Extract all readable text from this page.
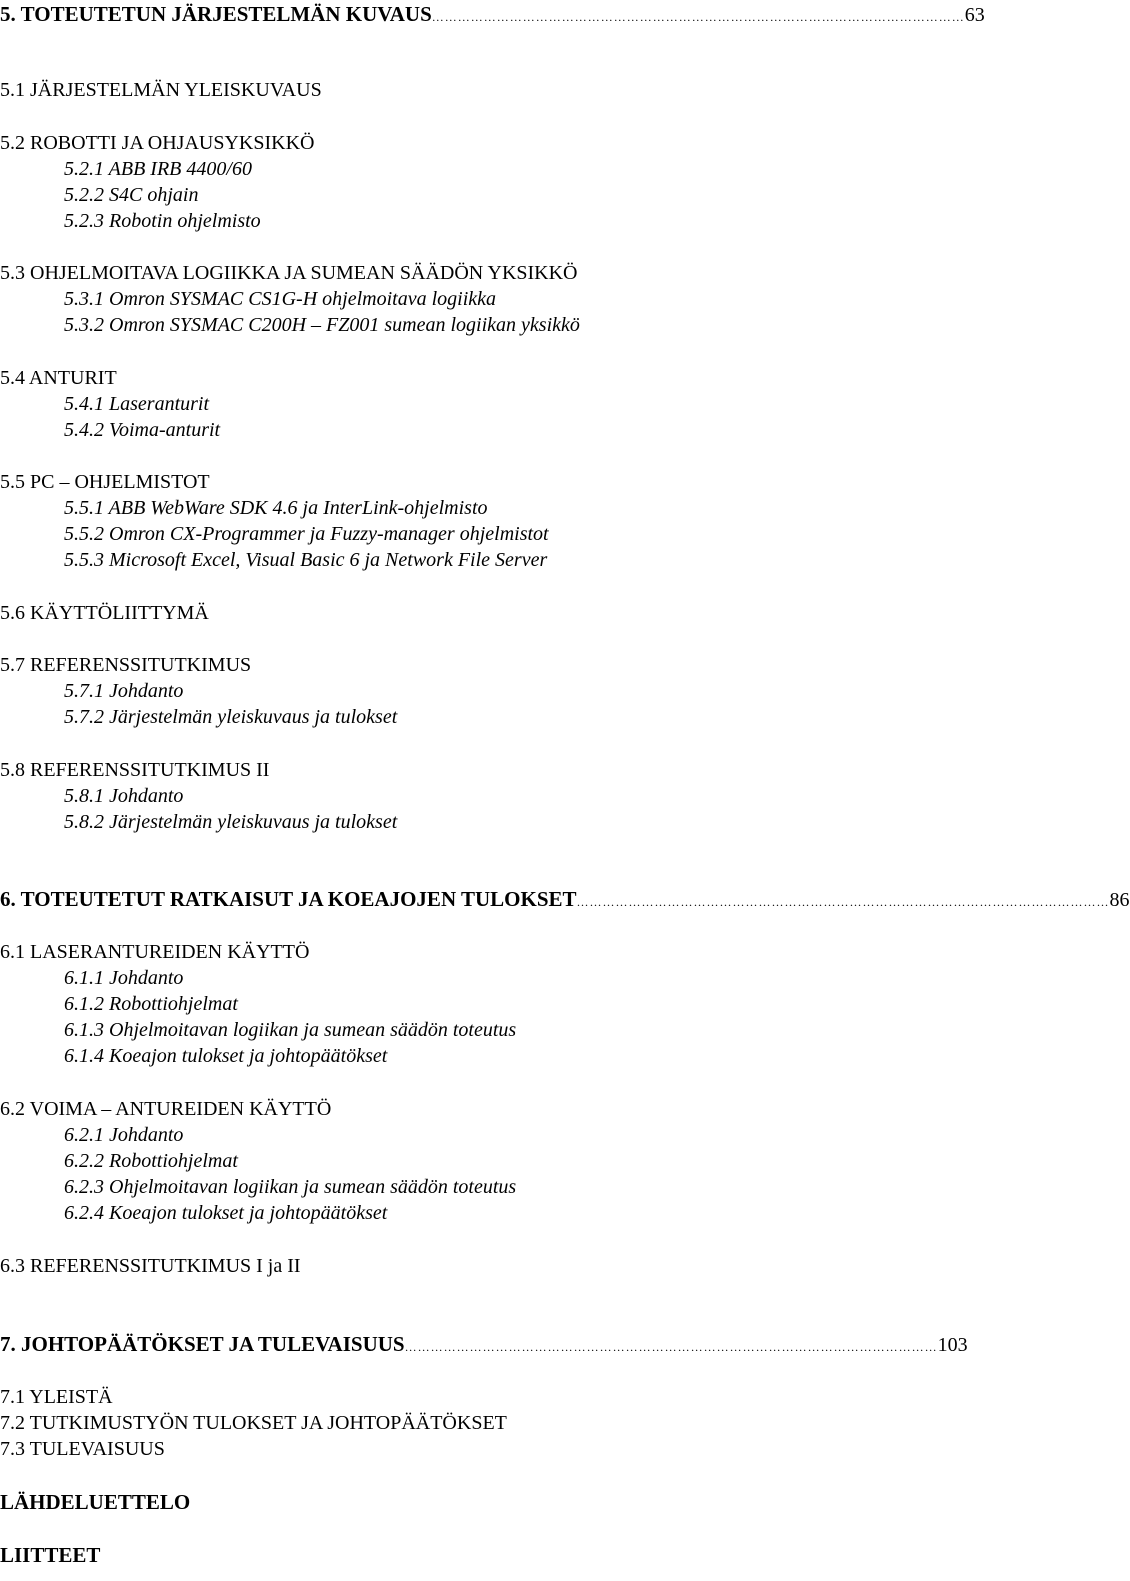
5. TOTEUTETUN JÄRJESTELMÄN KUVAUS …………………………………………………………………………………………………………… 63
5.1 JÄRJESTELMÄN YLEISKUVAUS
5.2 ROBOTTI JA OHJAUSYKSIKKÖ
5.2.1 ABB IRB 4400/60
5.2.2 S4C ohjain
5.2.3 Robotin ohjelmisto
5.3 OHJELMOITAVA LOGIIKKA JA SUMEAN SÄÄDÖN YKSIKKÖ
5.3.1 Omron SYSMAC CS1G-H ohjelmoitava logiikka
5.3.2 Omron SYSMAC C200H – FZ001 sumean logiikan yksikkö
5.4 ANTURIT
5.4.1 Laseranturit
5.4.2 Voima-anturit
5.5 PC – OHJELMISTOT
5.5.1 ABB WebWare SDK 4.6 ja InterLink-ohjelmisto
5.5.2 Omron CX-Programmer ja Fuzzy-manager ohjelmistot
5.5.3 Microsoft Excel, Visual Basic 6 ja Network File Server
5.6 KÄYTTÖLIITTYMÄ
5.7 REFERENSSITUTKIMUS
5.7.1 Johdanto
5.7.2 Järjestelmän yleiskuvaus ja tulokset
5.8 REFERENSSITUTKIMUS II
5.8.1 Johdanto
5.8.2 Järjestelmän yleiskuvaus ja tulokset
6. TOTEUTETUT RATKAISUT JA KOEAJOJEN TULOKSET …………………………………………………………………………………………………………… 86
6.1 LASERANTUREIDEN KÄYTTÖ
6.1.1 Johdanto
6.1.2 Robottiohjelmat
6.1.3 Ohjelmoitavan logiikan ja sumean säädön toteutus
6.1.4 Koeajon tulokset ja johtopäätökset
6.2 VOIMA – ANTUREIDEN KÄYTTÖ
6.2.1 Johdanto
6.2.2 Robottiohjelmat
6.2.3 Ohjelmoitavan logiikan ja sumean säädön toteutus
6.2.4 Koeajon tulokset ja johtopäätökset
6.3 REFERENSSITUTKIMUS I ja II
7. JOHTOPÄÄTÖKSET JA TULEVAISUUS …………………………………………………………………………………………………………… 103
7.1 YLEISTÄ
7.2 TUTKIMUSTYÖN TULOKSET JA JOHTOPÄÄTÖKSET
7.3 TULEVAISUUS
LÄHDELUETTELO
LIITTEET
